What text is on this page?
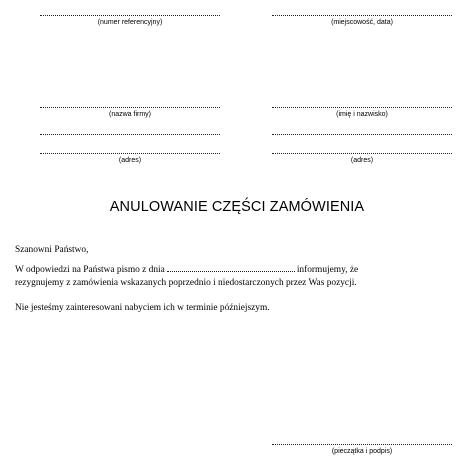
(numer referencyjny)	(miejscowość, data)
(nazwa firmy)	(imię i nazwisko)
(adres)	(adres)
ANULOWANIE CZĘŚCI ZAMÓWIENIA
Szanowni Państwo,
W odpowiedzi na Państwa pismo z dnia	informujemy, że
rezygnujemy z zamówienia wskazanych poprzednio i niedostarczonych przez Was pozycji.
Nie jesteśmy zainteresowani nabyciem ich w terminie późniejszym.
(pieczątka i podpis)
